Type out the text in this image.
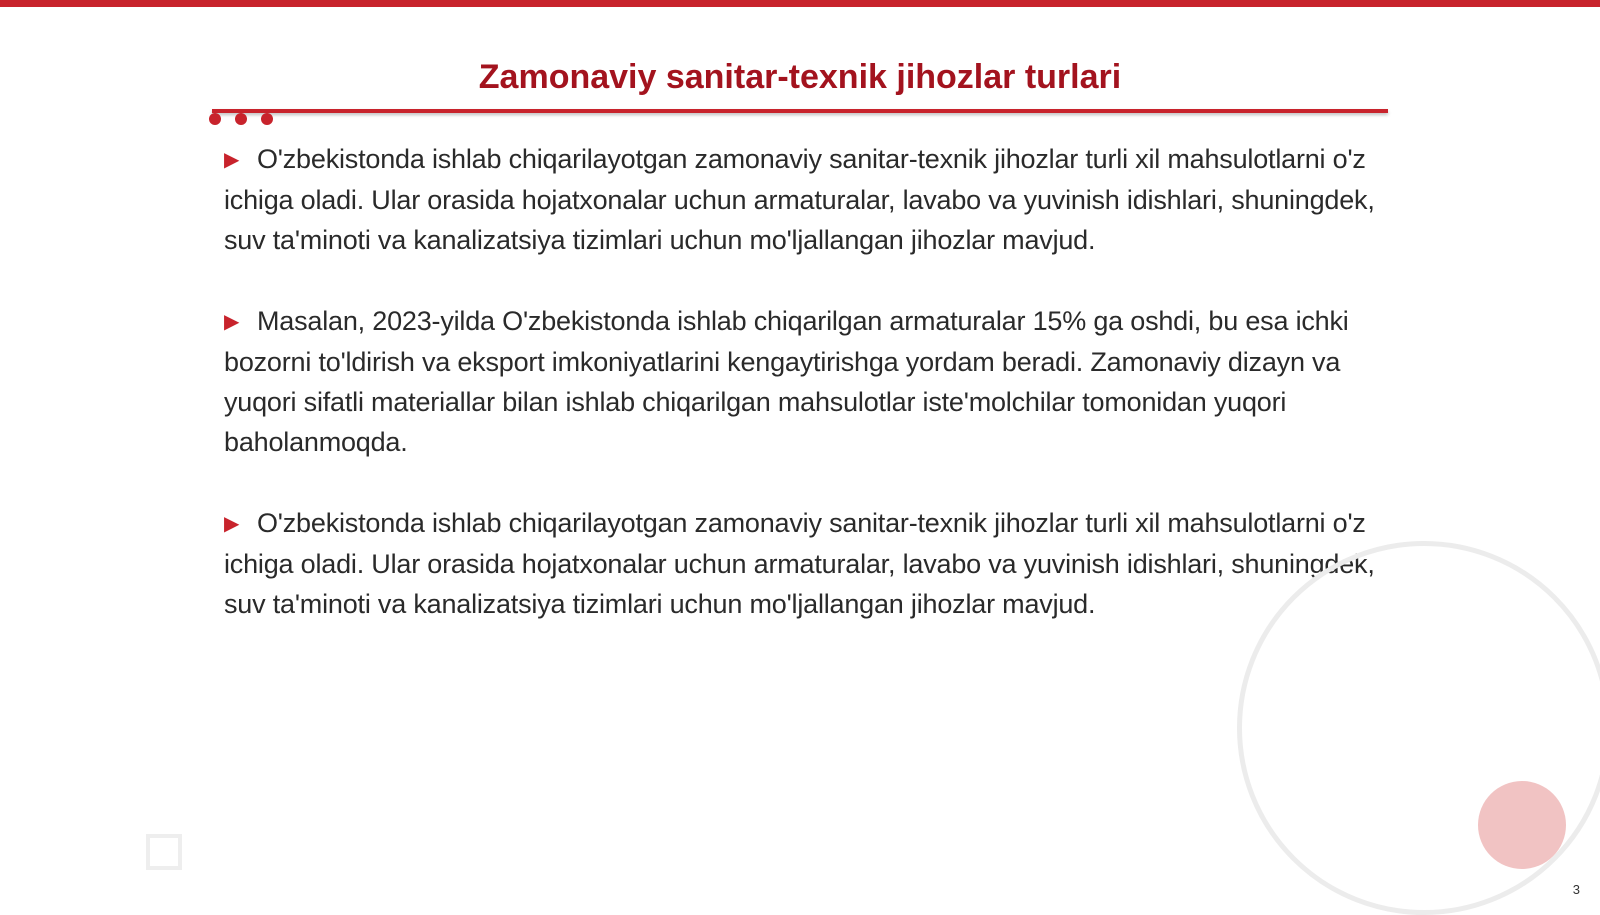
Zamonaviy sanitar-texnik jihozlar turlari

▶ O'zbekistonda ishlab chiqarilayotgan zamonaviy sanitar-texnik jihozlar turli xil mahsulotlarni o'z ichiga oladi. Ular orasida hojatxonalar uchun armaturalar, lavabo va yuvinish idishlari, shuningdek, suv ta'minoti va kanalizatsiya tizimlari uchun mo'ljallangan jihozlar mavjud.

▶ Masalan, 2023-yilda O'zbekistonda ishlab chiqarilgan armaturalar 15% ga oshdi, bu esa ichki bozorni to'ldirish va eksport imkoniyatlarini kengaytirishga yordam beradi. Zamonaviy dizayn va yuqori sifatli materiallar bilan ishlab chiqarilgan mahsulotlar iste'molchilar tomonidan yuqori baholanmoqda.

▶ O'zbekistonda ishlab chiqarilayotgan zamonaviy sanitar-texnik jihozlar turli xil mahsulotlarni o'z ichiga oladi. Ular orasida hojatxonalar uchun armaturalar, lavabo va yuvinish idishlari, shuningdek, suv ta'minoti va kanalizatsiya tizimlari uchun mo'ljallangan jihozlar mavjud.

3
